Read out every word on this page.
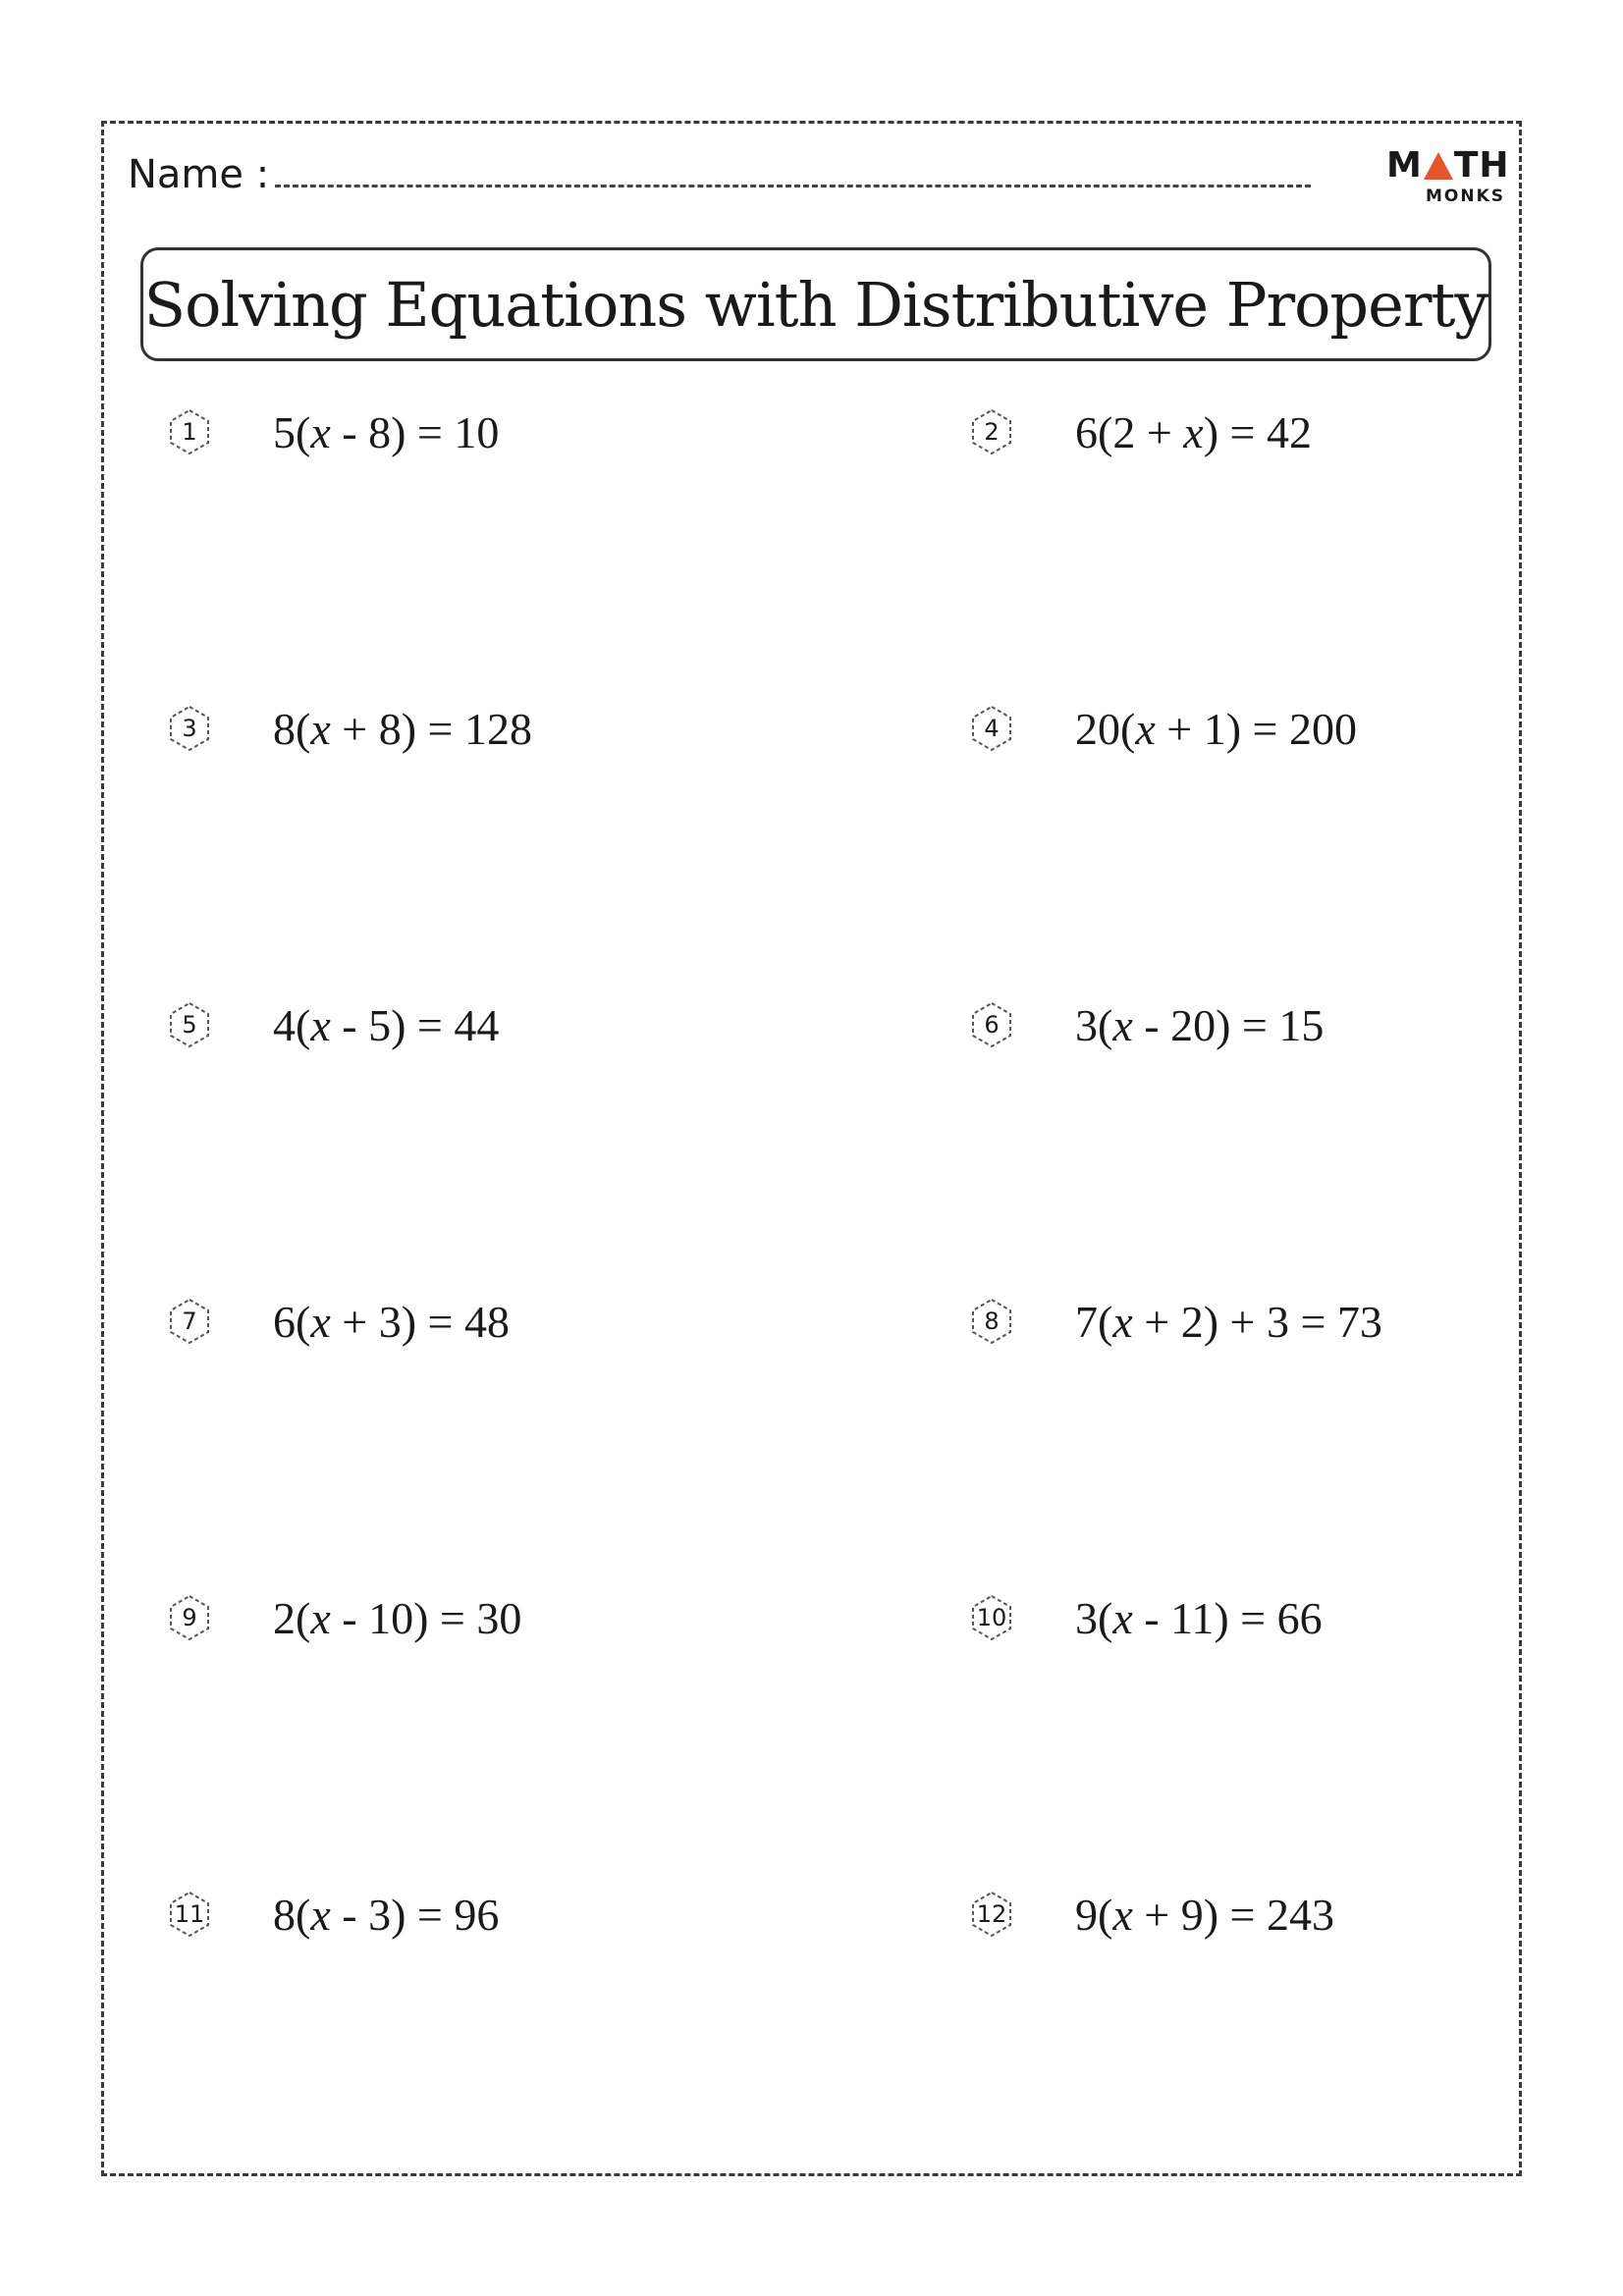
Name :	M TH
MONKS
Solving Equations with Distributive Property
1	5(x - 8) = 10	2	6(2 + x) = 42
3	8(x + 8) = 128	4	20(x + 1) = 200
5	4(x - 5) = 44	6	3(x - 20) = 15
7	6(x + 3) = 48	8	7(x + 2) + 3 = 73
9	2(x - 10) = 30	10 3(x - 11) = 66
11 8(x - 3) = 96	12 9(x + 9) = 243
